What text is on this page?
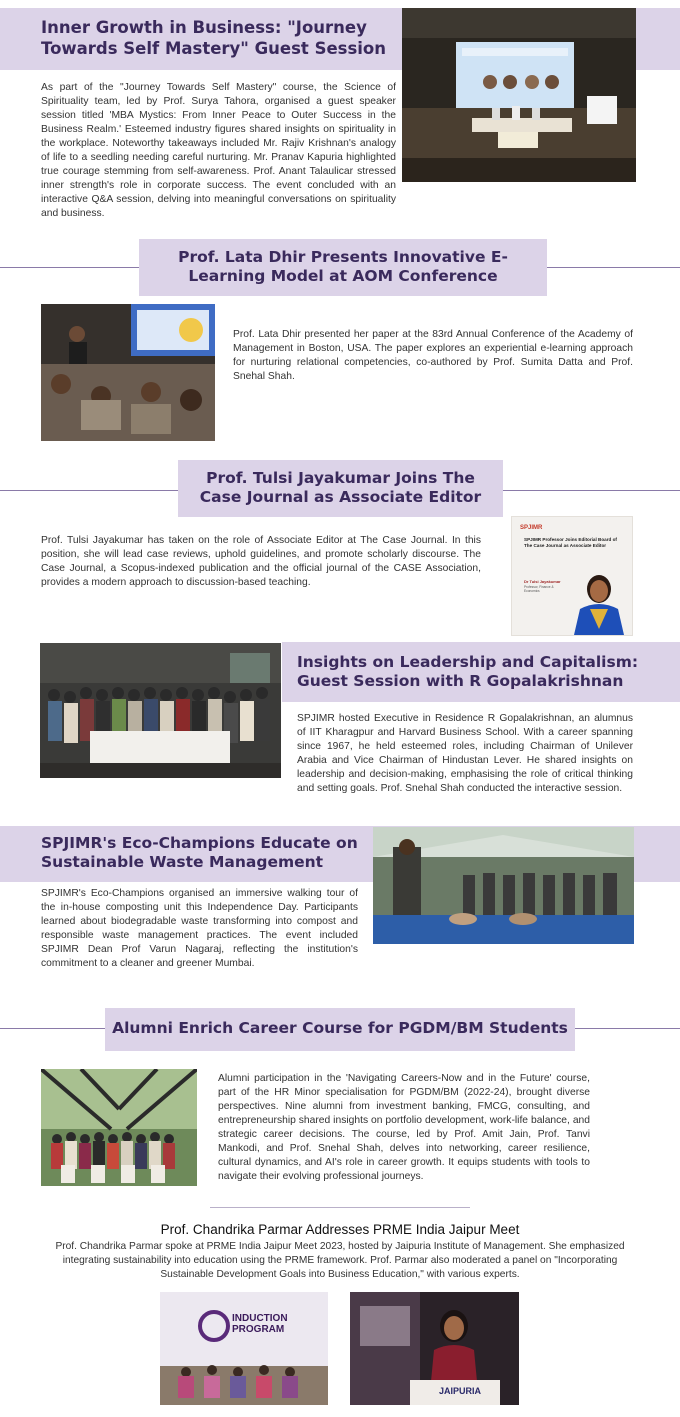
Inner Growth in Business: "Journey Towards Self Mastery" Guest Session
As part of the "Journey Towards Self Mastery" course, the Science of Spirituality team, led by Prof. Surya Tahora, organised a guest speaker session titled 'MBA Mystics: From Inner Peace to Outer Success in the Business Realm.' Esteemed industry figures shared insights on spirituality in the workplace. Noteworthy takeaways included Mr. Rajiv Krishnan's analogy of life to a seedling needing careful nurturing. Mr. Pranav Kapuria highlighted true courage stemming from self-awareness. Prof. Anant Talaulicar stressed inner strength's role in corporate success. The event concluded with an interactive Q&A session, delving into meaningful conversations on spirituality and business.
Prof. Lata Dhir Presents Innovative E-Learning Model at AOM Conference
Prof. Lata Dhir presented her paper at the 83rd Annual Conference of the Academy of Management in Boston, USA. The paper explores an experiential e-learning approach for nurturing relational competencies, co-authored by Prof. Sumita Datta and Prof. Snehal Shah.
Prof. Tulsi Jayakumar Joins The Case Journal as Associate Editor
Prof. Tulsi Jayakumar has taken on the role of Associate Editor at The Case Journal. In this position, she will lead case reviews, uphold guidelines, and promote scholarly discourse. The Case Journal, a Scopus-indexed publication and the official journal of the CASE Association, provides a modern approach to discussion-based teaching.
SPJIMR
SPJIMR Professor Joins Editorial Board of The Case Journal as Associate Editor
Dr Tulsi Jayakumar
Professor, Finance & Economics
Insights on Leadership and Capitalism: Guest Session with R Gopalakrishnan
SPJIMR hosted Executive in Residence R Gopalakrishnan, an alumnus of IIT Kharagpur and Harvard Business School. With a career spanning since 1967, he held esteemed roles, including Chairman of Unilever Arabia and Vice Chairman of Hindustan Lever. He shared insights on leadership and decision-making, emphasising the role of critical thinking and setting goals. Prof. Snehal Shah conducted the interactive session.
SPJIMR's Eco-Champions Educate on Sustainable Waste Management
SPJIMR's Eco-Champions organised an immersive walking tour of the in-house composting unit this Independence Day. Participants learned about biodegradable waste transforming into compost and responsible waste management practices. The event included SPJIMR Dean Prof Varun Nagaraj, reflecting the institution's commitment to a cleaner and greener Mumbai.
Alumni Enrich Career Course for PGDM/BM Students
Alumni participation in the 'Navigating Careers-Now and in the Future' course, part of the HR Minor specialisation for PGDM/BM (2022-24), brought diverse perspectives. Nine alumni from investment banking, FMCG, consulting, and entrepreneurship shared insights on portfolio development, work-life balance, and strategic career decisions. The course, led by Prof. Amit Jain, Prof. Tanvi Mankodi, and Prof. Snehal Shah, delves into networking, career resilience, cultural dynamics, and AI's role in career growth. It equips students with tools to navigate their evolving professional journeys.
Prof. Chandrika Parmar Addresses PRME India Jaipur Meet
Prof. Chandrika Parmar spoke at PRME India Jaipur Meet 2023, hosted by Jaipuria Institute of Management. She emphasized integrating sustainability into education using the PRME framework. Prof. Parmar also moderated a panel on "Incorporating Sustainable Development Goals into Business Education," with various experts.
INDUCTION PROGRAM
JAIPURIA
